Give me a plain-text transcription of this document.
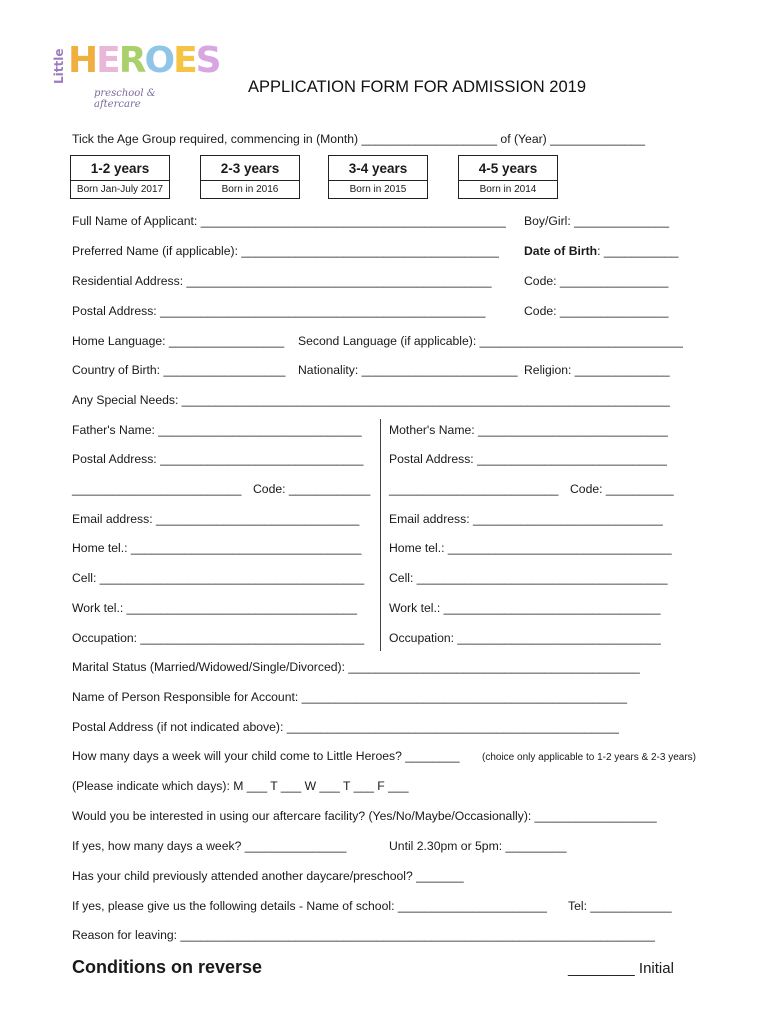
Little HEROES
preschool & aftercare
APPLICATION FORM FOR ADMISSION 2019
Tick the Age Group required, commencing in (Month) ____________________ of (Year) ______________
1-2 years
Born Jan-July 2017
2-3 years
Born in 2016
3-4 years
Born in 2015
4-5 years
Born in 2014
Full Name of Applicant: _____________________________________________ Boy/Girl: ______________
Preferred Name (if applicable): ______________________________________ Date of Birth: ___________
Residential Address: _____________________________________________	Code: ________________
Postal Address: ________________________________________________	Code: ________________
Home Language: _________________ Second Language (if applicable): ______________________________
Country of Birth: __________________ Nationality: _______________________ Religion: ______________
Any Special Needs: ________________________________________________________________________
Father's Name: ______________________________ Mother's Name: ____________________________
Postal Address: ______________________________ Postal Address: ____________________________
_________________________ Code: ____________ _________________________ Code: __________
Email address: ______________________________ Email address: ____________________________
Home tel.: __________________________________ Home tel.: _________________________________
Cell: _______________________________________ Cell: _____________________________________
Work tel.: __________________________________	Work tel.: ________________________________
Occupation: _________________________________ Occupation: ______________________________
Marital Status (Married/Widowed/Single/Divorced): ___________________________________________
Name of Person Responsible for Account: ________________________________________________
Postal Address (if not indicated above): _________________________________________________
How many days a week will your child come to Little Heroes? ________ (choice only applicable to 1-2 years & 2-3 years)
(Please indicate which days): M ___ T ___ W ___ T ___ F ___
Would you be interested in using our aftercare facility? (Yes/No/Maybe/Occasionally): __________________
If yes, how many days a week? _______________	Until 2.30pm or 5pm: _________
Has your child previously attended another daycare/preschool? _______
If yes, please give us the following details - Name of school: ______________________ Tel: ____________
Reason for leaving: ______________________________________________________________________
Conditions on reverse	________ Initial
